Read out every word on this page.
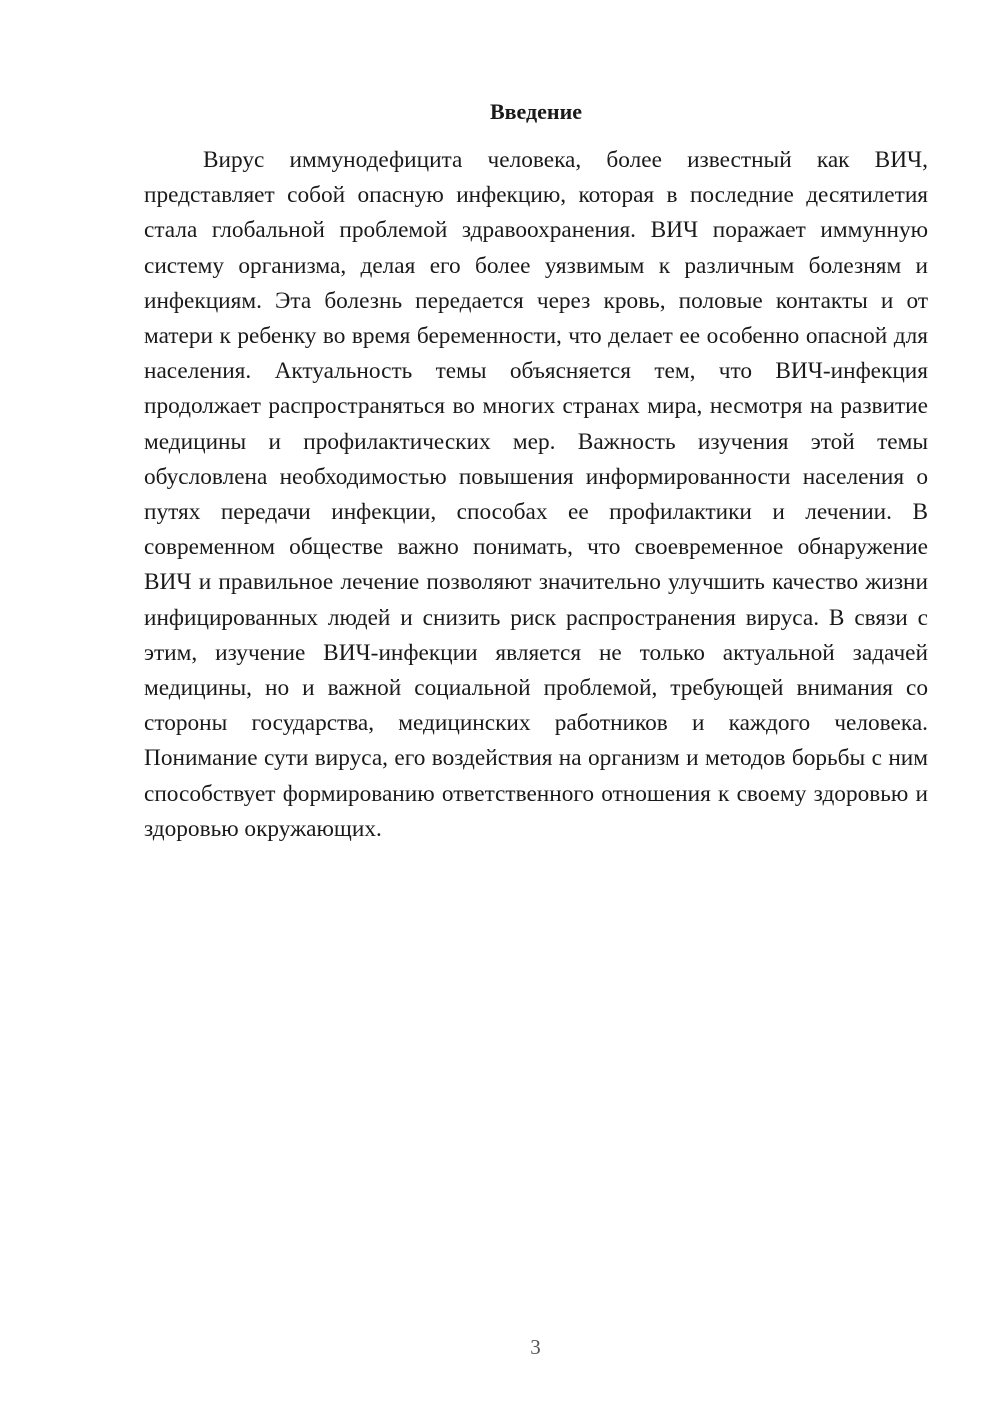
Введение

Вирус иммунодефицита человека, более известный как ВИЧ, представляет собой опасную инфекцию, которая в последние десятилетия стала глобальной проблемой здравоохранения. ВИЧ поражает иммунную систему организма, делая его более уязвимым к различным болезням и инфекциям. Эта болезнь передается через кровь, половые контакты и от матери к ребенку во время беременности, что делает ее особенно опасной для населения. Актуальность темы объясняется тем, что ВИЧ-инфекция продолжает распространяться во многих странах мира, несмотря на развитие медицины и профилактических мер. Важность изучения этой темы обусловлена необходимостью повышения информированности населения о путях передачи инфекции, способах ее профилактики и лечении. В современном обществе важно понимать, что своевременное обнаружение ВИЧ и правильное лечение позволяют значительно улучшить качество жизни инфицированных людей и снизить риск распространения вируса. В связи с этим, изучение ВИЧ-инфекции является не только актуальной задачей медицины, но и важной социальной проблемой, требующей внимания со стороны государства, медицинских работников и каждого человека. Понимание сути вируса, его воздействия на организм и методов борьбы с ним способствует формированию ответственного отношения к своему здоровью и здоровью окружающих.

3
